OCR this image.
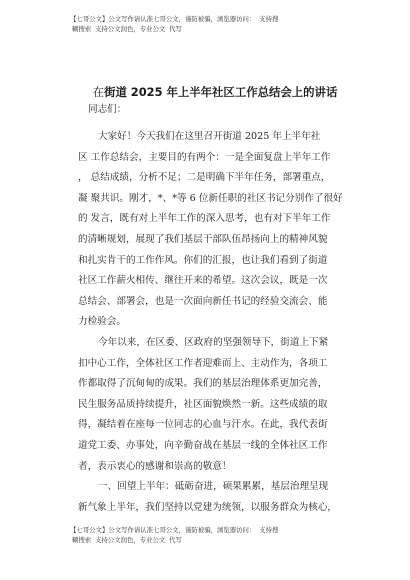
【七哥公文】公文写作请认准七哥公文，谨防被骗，浏览器访问： 支持搜
糊搜索 支持公文润色，专业公文 代写
在街道 2025 年上半年社区工作总结会上的讲话
同志们：
大家好！今天我们在这里召开街道 2025 年上半年社
区 工作总结会，主要目的有两个：一是全面复盘上半年工作
， 总结成绩，分析不足；二是明确下半年任务，部署重点，
凝 聚共识。刚才，*、*等 6 位新任职的社区书记分别作了很好
的 发言，既有对上半年工作的深入思考，也有对下半年工作
的清晰规划，展现了我们基层干部队伍昂扬向上的精神风貌
和扎实肯干的工作作风。你们的汇报，也让我们看到了街道
社区工作薪火相传、继往开来的希望。这次会议，既是一次
总结会、部署会，也是一次面向新任书记的经验交流会、能
力检验会。
今年以来，在区委、区政府的坚强领导下，街道上下紧
扣中心工作，全体社区工作者迎难而上、主动作为，各项工
作都取得了沉甸甸的成果。我们的基层治理体系更加完善，
民生服务品质持续提升，社区面貌焕然一新。这些成绩的取
得，凝结着在座每一位同志的心血与汗水。在此，我代表街
道党工委、办事处，向辛勤奋战在基层一线的全体社区工作
者，表示衷心的感谢和崇高的敬意！
一、回望上半年：砥砺奋进，硕果累累，基层治理呈现
新气象上半年，我们坚持以党建为统领，以服务群众为核心，
【七哥公文】公文写作请认准七哥公文，谨防被骗，浏览器访问： 支持搜
糊搜索 支持公文润色，专业公文 代写
